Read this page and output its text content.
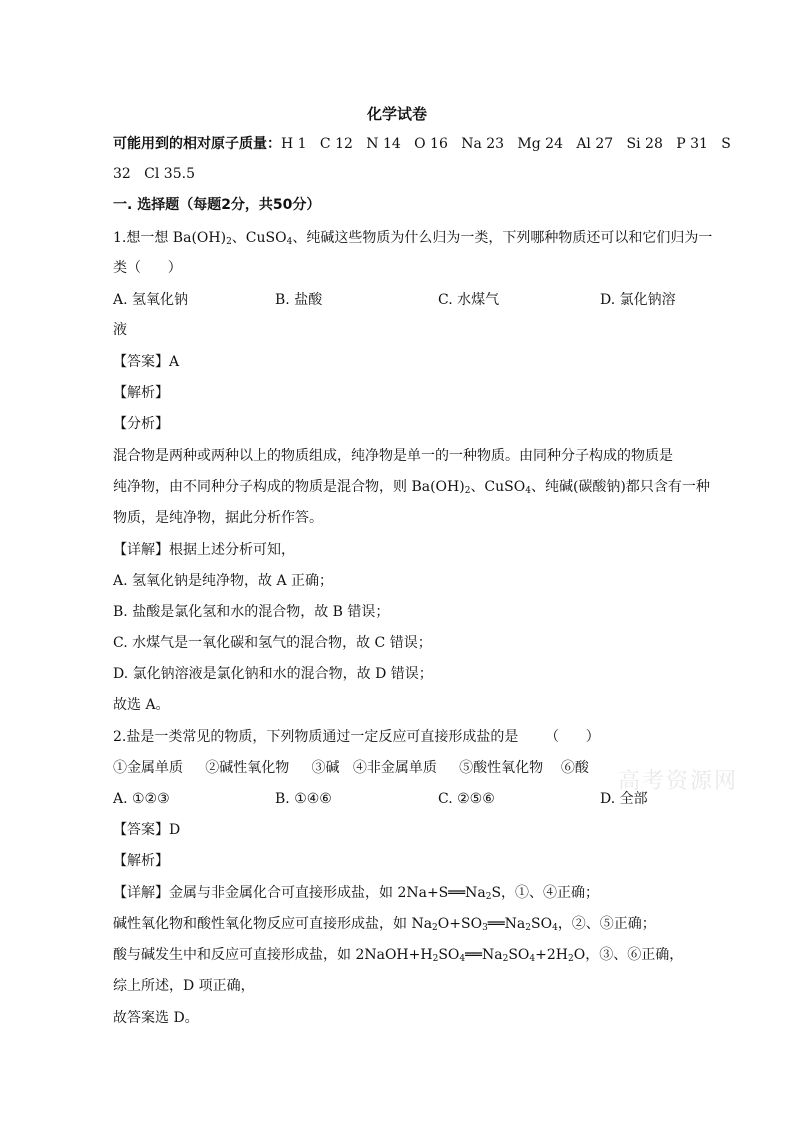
化学试卷
可能用到的相对原子质量：H 1   C 12   N 14   O 16   Na 23   Mg 24   Al 27   Si 28   P 31   S
32   Cl 35.5
一. 选择题（每题2分，共50分）
1.想一想 $Ba(OH)_2$、CuSO$_4$、纯碱这些物质为什么归为一类，下列哪种物质还可以和它们归为一
类（      ）
A. 氢氧化钠	B. 盐酸	C. 水煤气	D. 氯化钠溶
液
【答案】A
【解析】
【分析】
混合物是两种或两种以上的物质组成，纯净物是单一的一种物质。由同种分子构成的物质是
纯净物，由不同种分子构成的物质是混合物，则 $Ba(OH)_2$、CuSO$_4$、纯碱(碳酸钠)都只含有一种
物质，是纯净物，据此分析作答。
【详解】根据上述分析可知，
A. 氢氧化钠是纯净物，故 A 正确；
B. 盐酸是氯化氢和水的混合物，故 B 错误；
C. 水煤气是一氧化碳和氢气的混合物，故 C 错误；
D. 氯化钠溶液是氯化钠和水的混合物，故 D 错误；
故选 A。
2.盐是一类常见的物质，下列物质通过一定反应可直接形成盐的是      （      ）
①金属单质     ②碱性氧化物     ③碱   ④非金属单质     ⑤酸性氧化物    ⑥酸
A. ①②③	B. ①④⑥	C. ②⑤⑥	D. 全部
【答案】D
【解析】
【详解】金属与非金属化合可直接形成盐，如 $2Na+S══Na_2S$，①、④正确；
碱性氧化物和酸性氧化物反应可直接形成盐，如 $Na_2O+SO_3══Na_2SO_4$，②、⑤正确；
酸与碱发生中和反应可直接形成盐，如 $2NaOH+H_2SO_4══Na_2SO_4+2H_2O$，③、⑥正确，
综上所述，D 项正确，
故答案选 D。
高考资源网
